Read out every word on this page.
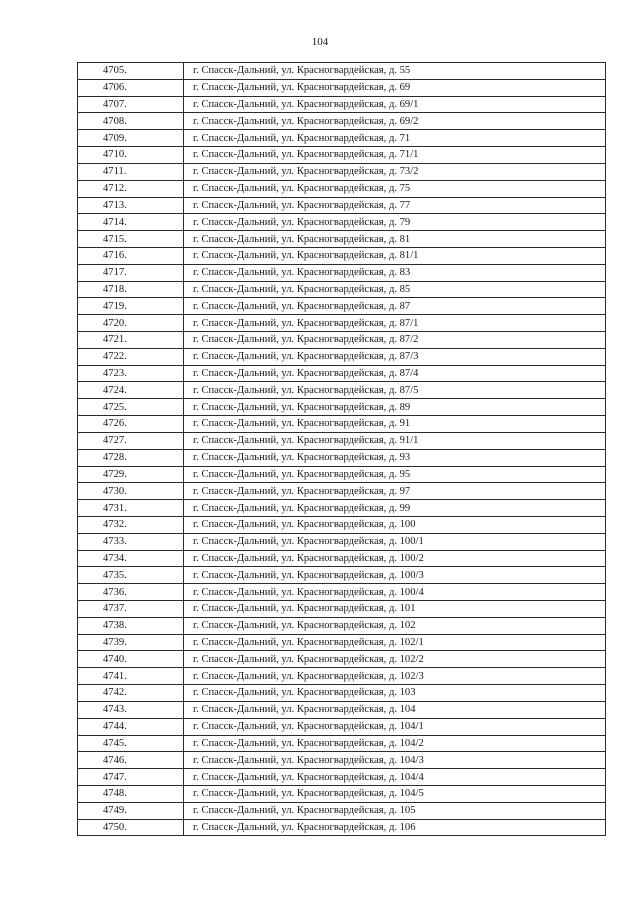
104
4705.	г. Спасск-Дальний, ул. Красногвардейская, д. 55
4706.	г. Спасск-Дальний, ул. Красногвардейская, д. 69
4707.	г. Спасск-Дальний, ул. Красногвардейская, д. 69/1
4708.	г. Спасск-Дальний, ул. Красногвардейская, д. 69/2
4709.	г. Спасск-Дальний, ул. Красногвардейская, д. 71
4710.	г. Спасск-Дальний, ул. Красногвардейская, д. 71/1
4711.	г. Спасск-Дальний, ул. Красногвардейская, д. 73/2
4712.	г. Спасск-Дальний, ул. Красногвардейская, д. 75
4713.	г. Спасск-Дальний, ул. Красногвардейская, д. 77
4714.	г. Спасск-Дальний, ул. Красногвардейская, д. 79
4715.	г. Спасск-Дальний, ул. Красногвардейская, д. 81
4716.	г. Спасск-Дальний, ул. Красногвардейская, д. 81/1
4717.	г. Спасск-Дальний, ул. Красногвардейская, д. 83
4718.	г. Спасск-Дальний, ул. Красногвардейская, д. 85
4719.	г. Спасск-Дальний, ул. Красногвардейская, д. 87
4720.	г. Спасск-Дальний, ул. Красногвардейская, д. 87/1
4721.	г. Спасск-Дальний, ул. Красногвардейская, д. 87/2
4722.	г. Спасск-Дальний, ул. Красногвардейская, д. 87/3
4723.	г. Спасск-Дальний, ул. Красногвардейская, д. 87/4
4724.	г. Спасск-Дальний, ул. Красногвардейская, д. 87/5
4725.	г. Спасск-Дальний, ул. Красногвардейская, д. 89
4726.	г. Спасск-Дальний, ул. Красногвардейская, д. 91
4727.	г. Спасск-Дальний, ул. Красногвардейская, д. 91/1
4728.	г. Спасск-Дальний, ул. Красногвардейская, д. 93
4729.	г. Спасск-Дальний, ул. Красногвардейская, д. 95
4730.	г. Спасск-Дальний, ул. Красногвардейская, д. 97
4731.	г. Спасск-Дальний, ул. Красногвардейская, д. 99
4732.	г. Спасск-Дальний, ул. Красногвардейская, д. 100
4733.	г. Спасск-Дальний, ул. Красногвардейская, д. 100/1
4734.	г. Спасск-Дальний, ул. Красногвардейская, д. 100/2
4735.	г. Спасск-Дальний, ул. Красногвардейская, д. 100/3
4736.	г. Спасск-Дальний, ул. Красногвардейская, д. 100/4
4737.	г. Спасск-Дальний, ул. Красногвардейская, д. 101
4738.	г. Спасск-Дальний, ул. Красногвардейская, д. 102
4739.	г. Спасск-Дальний, ул. Красногвардейская, д. 102/1
4740.	г. Спасск-Дальний, ул. Красногвардейская, д. 102/2
4741.	г. Спасск-Дальний, ул. Красногвардейская, д. 102/3
4742.	г. Спасск-Дальний, ул. Красногвардейская, д. 103
4743.	г. Спасск-Дальний, ул. Красногвардейская, д. 104
4744.	г. Спасск-Дальний, ул. Красногвардейская, д. 104/1
4745.	г. Спасск-Дальний, ул. Красногвардейская, д. 104/2
4746.	г. Спасск-Дальний, ул. Красногвардейская, д. 104/3
4747.	г. Спасск-Дальний, ул. Красногвардейская, д. 104/4
4748.	г. Спасск-Дальний, ул. Красногвардейская, д. 104/5
4749.	г. Спасск-Дальний, ул. Красногвардейская, д. 105
4750.	г. Спасск-Дальний, ул. Красногвардейская, д. 106
